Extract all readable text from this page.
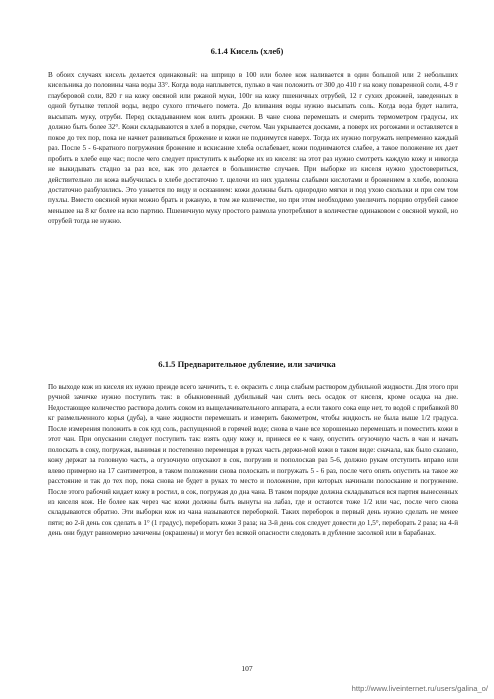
6.1.4 Кисель (хлеб)

В обоих случаях кисель делается одинаковый: на шприцо в 100 или более кож наливается в один большой или 2 небольших кисельника до половины чана воды 33°. Когда вода наплывется, пулько в чан положить от 300 до 410 г на кожу поваренной соли, 4-9 г глауберовой соли, 820 г на кожу овсяной или ржаной муки, 100г на кожу пшеничных отрубей, 12 г сухих дрожжей, заведенных в одной бутылке теплой воды, ведро сухого птичьего помета. До вливания воды нужно высыпать соль. Когда вода будет налита, высыпать муку, отруби. Перед складыванием кож влить дрожжи. В чане снова перемешать и смерить термометром градусы, их должно быть более 32°. Кожи складываются в хлеб в порядке, счетом. Чан укрывается досками, а поверх их рогожами и оставляется в покое до тех пор, пока не начнет развиваться брожение и кожи не поднимутся наверх. Тогда их нужно погружать непременно каждый раз. После 5 - 6-кратного погружения брожение и вскисание хлеба ослабевает, кожи поднимаются слабее, а такое положение их дает пробить в хлебе еще час; после чего следует приступить к выборке их из киселя: на этот раз нужно смотреть каждую кожу и никогда не выкидывать стадно за раз все, как это делается в большинстве случаев. При выборке из киселя нужно удостовериться, действительно ли кожа выбучилась в хлебе достаточно т. щелочи из них удалены слабыми кислотами и брожением в хлебе, волокна достаточно разбухились. Это узнается по виду и осязанием: кожи должны быть однородно мягки и под ухою скользки и при сем том пухлы. Вместо овсяной муки можно брать и ржаную, в том же количестве, но при этом необходимо увеличить порцию отрубей самое меньшее на 8 кг более на всю партию. Пшеничную муку простого размола употребляют в количестве одинаковом с овсяной мукой, но отрубей тогда не нужно.

6.1.5 Предварительное дубление, или зачичка

По выходе кож из киселя их нужно прежде всего зачичить, т. е. окрасить с лица слабым раствором дубильной жидкости. Для этого при ручной зачичке нужно поступить так: в обыкновенный дубильный чан слить весь осадок от киселя, кроме осадка на дне. Недостающее количество раствора долить соком из выщелачивательного аппарата, а если такого сока еще нет, то водой с прибавкой 80 кг размельченного корья (дуба), в чане жидкости перемешать и измерить бакометром, чтобы жидкость не была выше 1/2 градуса. После измерения положить в сок куд соль, распущенной в горячей воде; снова в чане все хорошенько перемешать и поместить кожи в этот чан. При опускании следует поступить так: взять одну кожу и, принеся ее к чану, опустить огузочную часть в чан и начать полоскать в соку, погружая, вынимая и постепенно перемещая в руках часть держи-мой кожи в таком виде: сначала, как было сказано, кожу держат за головную часть, а огузочную опускают в сок, погрузив и пополоскав раз 5-6, должно рукам отступить вправо или влево примерно на 17 сантиметров, в таком положении снова полоскать и погружать 5 - 6 раз, после чего опять опустить на такое же расстояние и так до тех пор, пока снова не будет в руках то место и положение, при которых начинали полоскание и погружение. После этого рабочий кидает кожу в ростил, в сок, погружая до дна чана. В таком порядке должна складываться вся партия вынесенных из киселя кож. Не более как через час кожи должны быть вынуты на лабаз, где и остаются тоже 1/2 или час, после чего снова складываются обратно. Эти выборки кож из чана называются переборкой. Таких переборок в первый день нужно сделать не менее пяти; во 2-й день сок сделать в 1° (1 градус), переборать кожи 3 раза; на 3-й день сок следует довести до 1,5°, переборать 2 раза; на 4-й день они будут равномерно зачичены (окрашены) и могут без всякой опасности следовать в дубление засолкой или в барабанах.

107

http://www.liveinternet.ru/users/galina_o/
